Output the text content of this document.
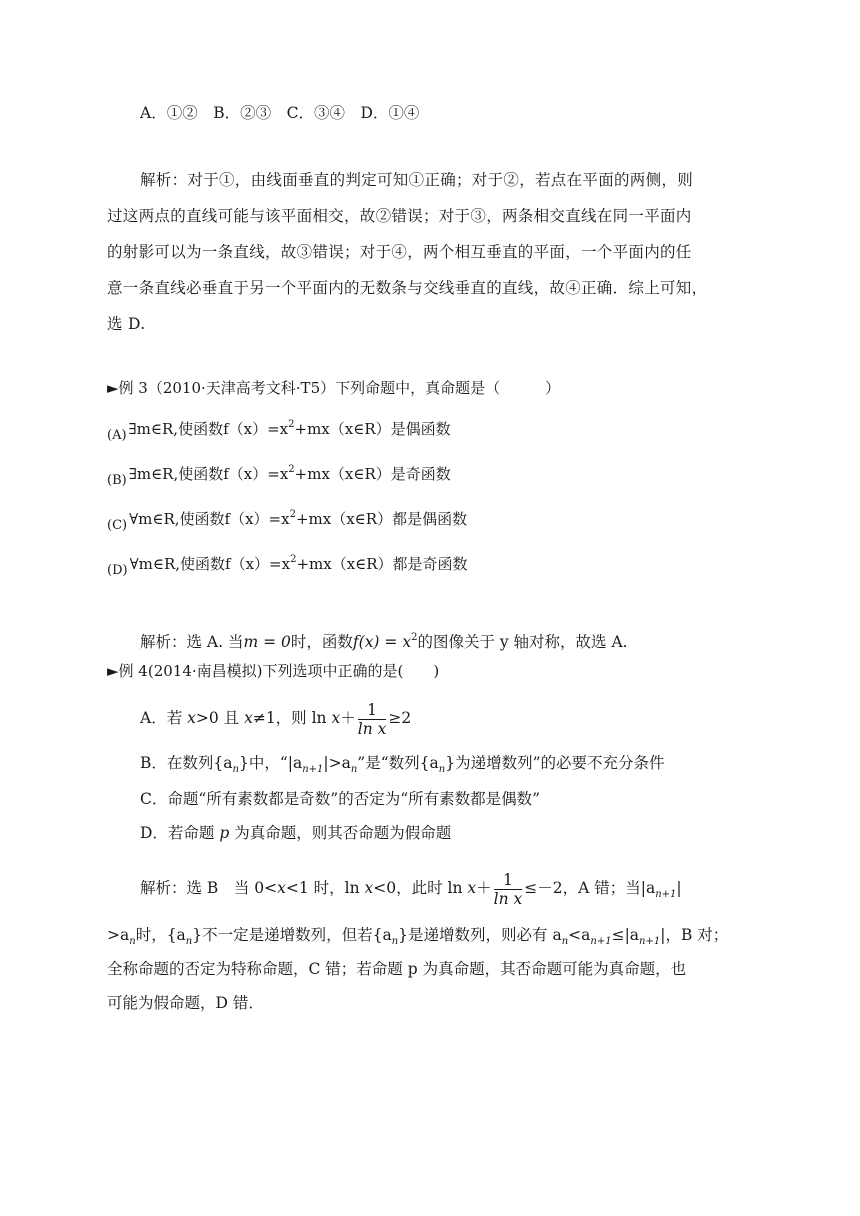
A．①②　B．②③　C．③④　D．①④
解析：对于①，由线面垂直的判定可知①正确；对于②，若点在平面的两侧，则
过这两点的直线可能与该平面相交，故②错误；对于③，两条相交直线在同一平面内
的射影可以为一条直线，故③错误；对于④，两个相互垂直的平面，一个平面内的任
意一条直线必垂直于另一个平面内的无数条与交线垂直的直线，故④正确．综上可知，
选 D.
►例 3（2010·天津高考文科·T5）下列命题中，真命题是（　　　）
(A) ∃m∈R,使函数$f(x)=x^2+mx(x\in R)$是偶函数
(B) ∃m∈R,使函数$f(x)=x^2+mx(x\in R)$是奇函数
(C) ∀m∈R,使函数$f(x)=x^2+mx(x\in R)$都是偶函数
(D) ∀m∈R,使函数$f(x)=x^2+mx(x\in R)$都是奇函数
解析：选 A. 当m = 0时，函数$f(x) = x^2$的图像关于 y 轴对称，故选 A.
►例 4(2014·南昌模拟)下列选项中正确的是(　　)
A．若 x>0 且 x≠1，则 $\ln x+ \frac{1}{\text{ln x}} \ge 2$
B．在数列$\{a_n\}$中，“$|a_{n+1}|>a_n$”是“数列$\{a_n\}$为递增数列”的必要不充分条件
C．命题“所有素数都是奇数”的否定为“所有素数都是偶数”
D．若命题 p 为真命题，则其否命题为假命题
解析：选 B　当 0<x<1 时，ln x<0，此时 $\ln x+ \frac{1}{\text{ln x}} \le-2$，A 错；当$|a_{n+1}|$
$>a_n$时，$\{a_n\}$不一定是递增数列，但若$\{a_n\}$是递增数列，则必有 $a_n<a_{n+1}\le|a_{n+1}|$，B 对；
全称命题的否定为特称命题，C 错；若命题 p 为真命题，其否命题可能为真命题，也
可能为假命题，D 错．
